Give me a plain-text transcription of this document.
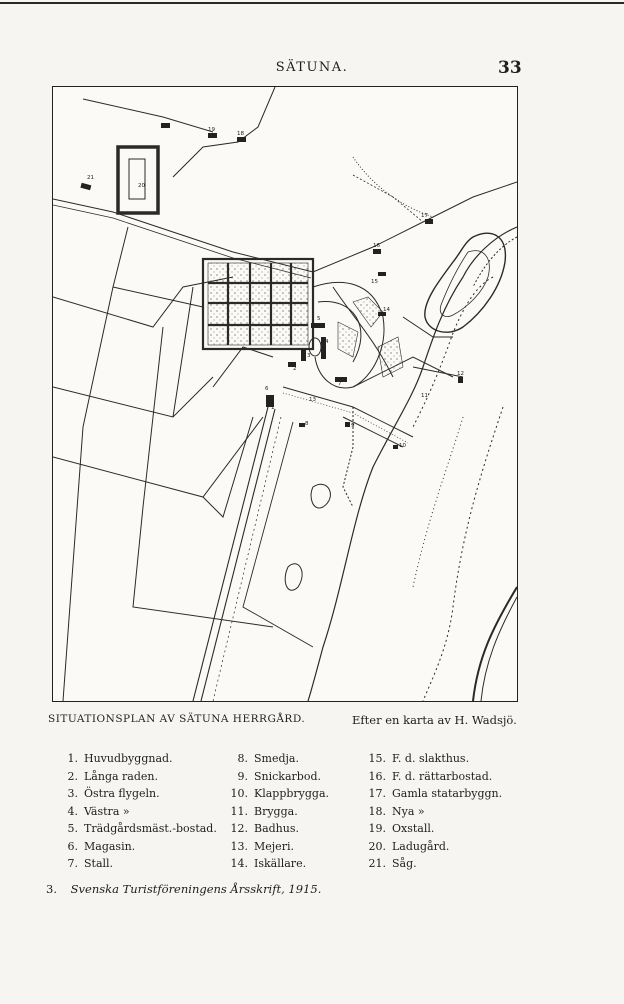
SÄTUNA.	33
1
2
3
4
5
6
7
8	9
10
11
12
13
14
15
16
17
18
19
20
21
SITUATIONSPLAN AV SÄTUNA HERRGÅRD.	Efter en karta av H. Wadsjö.
1. Huvudbyggnad.
2. Långa raden.
3. Östra flygeln.
4. Västra »
5. Trädgårdsmäst.-bostad.
6. Magasin.
7. Stall.
8. Smedja.
9. Snickarbod.
10. Klappbrygga.
11. Brygga.
12. Badhus.
13. Mejeri.
14. Iskällare.
15. F. d. slakthus.
16. F. d. rättarbostad.
17. Gamla statarbyggn.
18. Nya »
19. Oxstall.
20. Ladugård.
21. Såg.
3. Svenska Turistföreningens Årsskrift, 1915.
